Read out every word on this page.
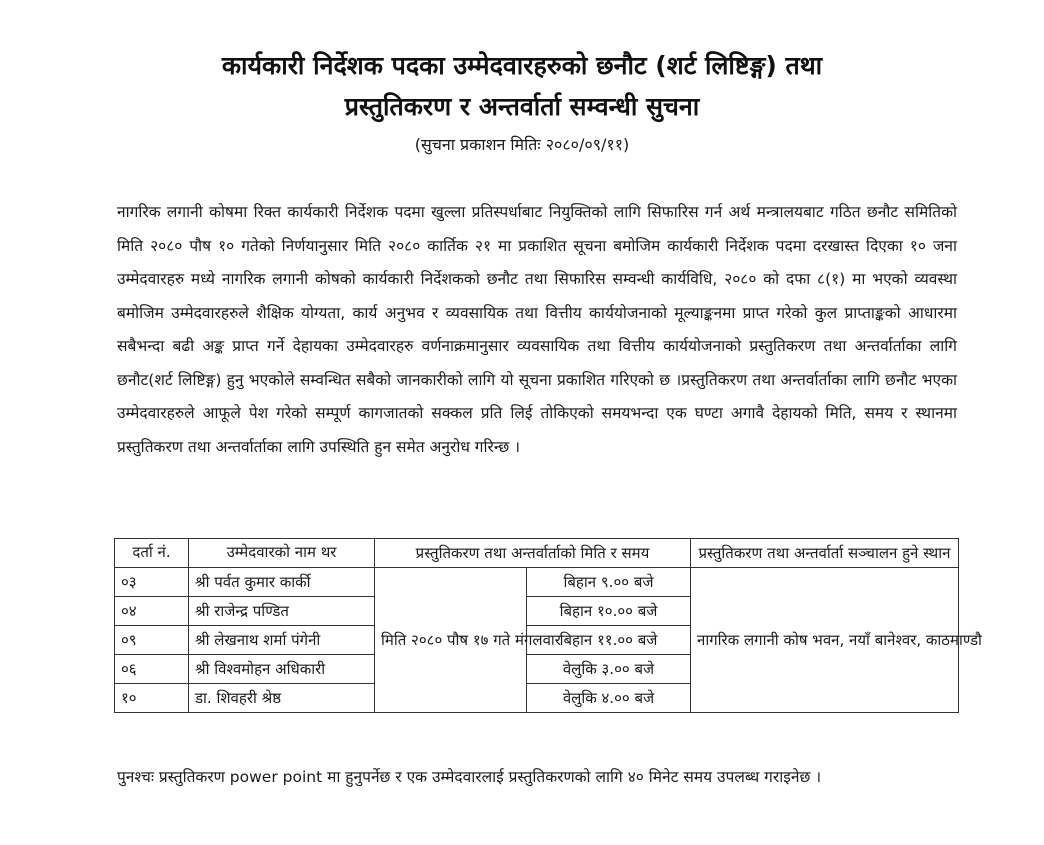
कार्यकारी निर्देशक पदका उम्मेदवारहरुको छनौट (शर्ट लिष्टिङ्ग) तथा
प्रस्तुतिकरण र अन्तर्वार्ता सम्वन्धी सुचना
(सुचना प्रकाशन मितिः २०८०/०९/११)
नागरिक लगानी कोषमा रिक्त कार्यकारी निर्देशक पदमा खुल्ला प्रतिस्पर्धाबाट नियुक्तिको लागि सिफारिस गर्न अर्थ मन्त्रालयबाट गठित छनौट समितिको मिति २०८० पौष १० गतेको निर्णयानुसार मिति २०८० कार्तिक २१ मा प्रकाशित सूचना बमोजिम कार्यकारी निर्देशक पदमा दरखास्त दिएका १० जना उम्मेदवारहरु मध्ये नागरिक लगानी कोषको कार्यकारी निर्देशकको छनौट तथा सिफारिस सम्वन्धी कार्यविधि, २०८० को दफा ८(१) मा भएको व्यवस्था बमोजिम उम्मेदवारहरुले शैक्षिक योग्यता, कार्य अनुभव र व्यवसायिक तथा वित्तीय कार्ययोजनाको मूल्याङ्कनमा प्राप्त गरेको कुल प्राप्ताङ्कको आधारमा सबैभन्दा बढी अङ्क प्राप्त गर्ने देहायका उम्मेदवारहरु वर्णनाक्रमानुसार व्यवसायिक तथा वित्तीय कार्ययोजनाको प्रस्तुतिकरण तथा अन्तर्वार्ताका लागि छनौट(शर्ट लिष्टिङ्ग) हुनु भएकोले सम्वन्धित सबैको जानकारीको लागि यो सूचना प्रकाशित गरिएको छ ।प्रस्तुतिकरण तथा अन्तर्वार्ताका लागि छनौट भएका उम्मेदवारहरुले आफूले पेश गरेको सम्पूर्ण कागजातको सक्कल प्रति लिई तोकिएको समयभन्दा एक घण्टा अगावै देहायको मिति, समय र स्थानमा प्रस्तुतिकरण तथा अन्तर्वार्ताका लागि उपस्थिति हुन समेत अनुरोध गरिन्छ ।
दर्ता नं.	उम्मेदवारको नाम थर	प्रस्तुतिकरण तथा अन्तर्वार्ताको मिति र समय		प्रस्तुतिकरण तथा अन्तर्वार्ता सञ्चालन हुने स्थान
०३	श्री पर्वत कुमार कार्की	मिति २०८० पौष १७ गते मंगलवार	बिहान ९.०० बजे	नागरिक लगानी कोष भवन, नयाँ बानेश्वर, काठमाण्डौ
०४	श्री राजेन्द्र पण्डित		बिहान १०.०० बजे	
०९	श्री लेखनाथ शर्मा पंगेनी		बिहान ११.०० बजे	
०६	श्री विश्वमोहन अधिकारी		वेलुकि ३.०० बजे	
१०	डा. शिवहरी श्रेष्ठ		वेलुकि ४.०० बजे	
पुनश्चः प्रस्तुतिकरण power point मा हुनुपर्नेछ र एक उम्मेदवारलाई प्रस्तुतिकरणको लागि ४० मिनेट समय उपलब्ध गराइनेछ ।
